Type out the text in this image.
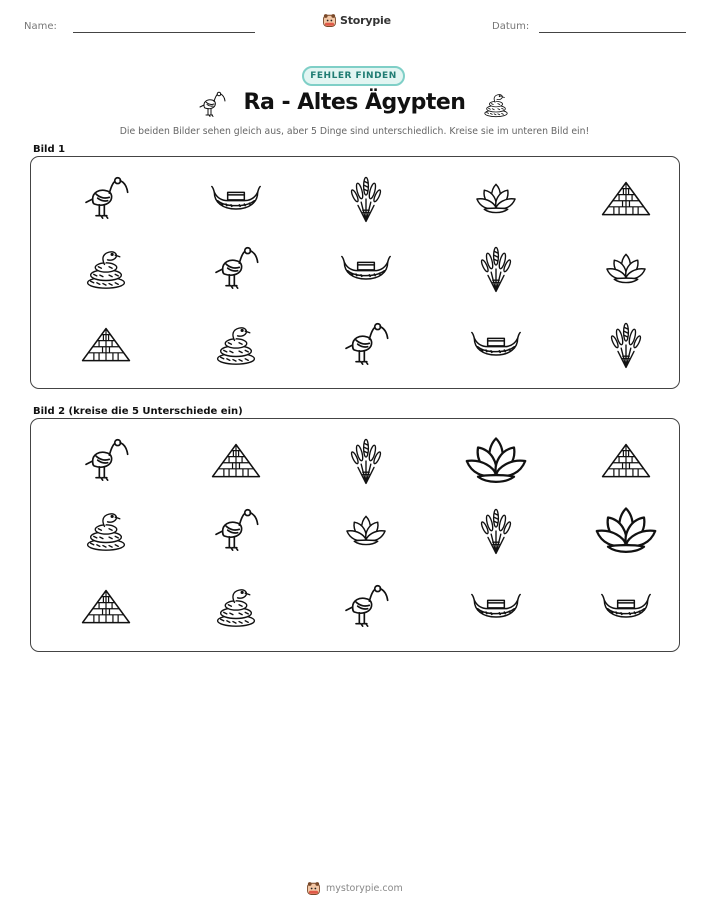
Name:	Storypie	Datum:
FEHLER FINDEN
Ra - Altes Ägypten
Die beiden Bilder sehen gleich aus, aber 5 Dinge sind unterschiedlich. Kreise sie im unteren Bild ein!
Bild 1
Bild 2 (kreise die 5 Unterschiede ein)
mystorypie.com
